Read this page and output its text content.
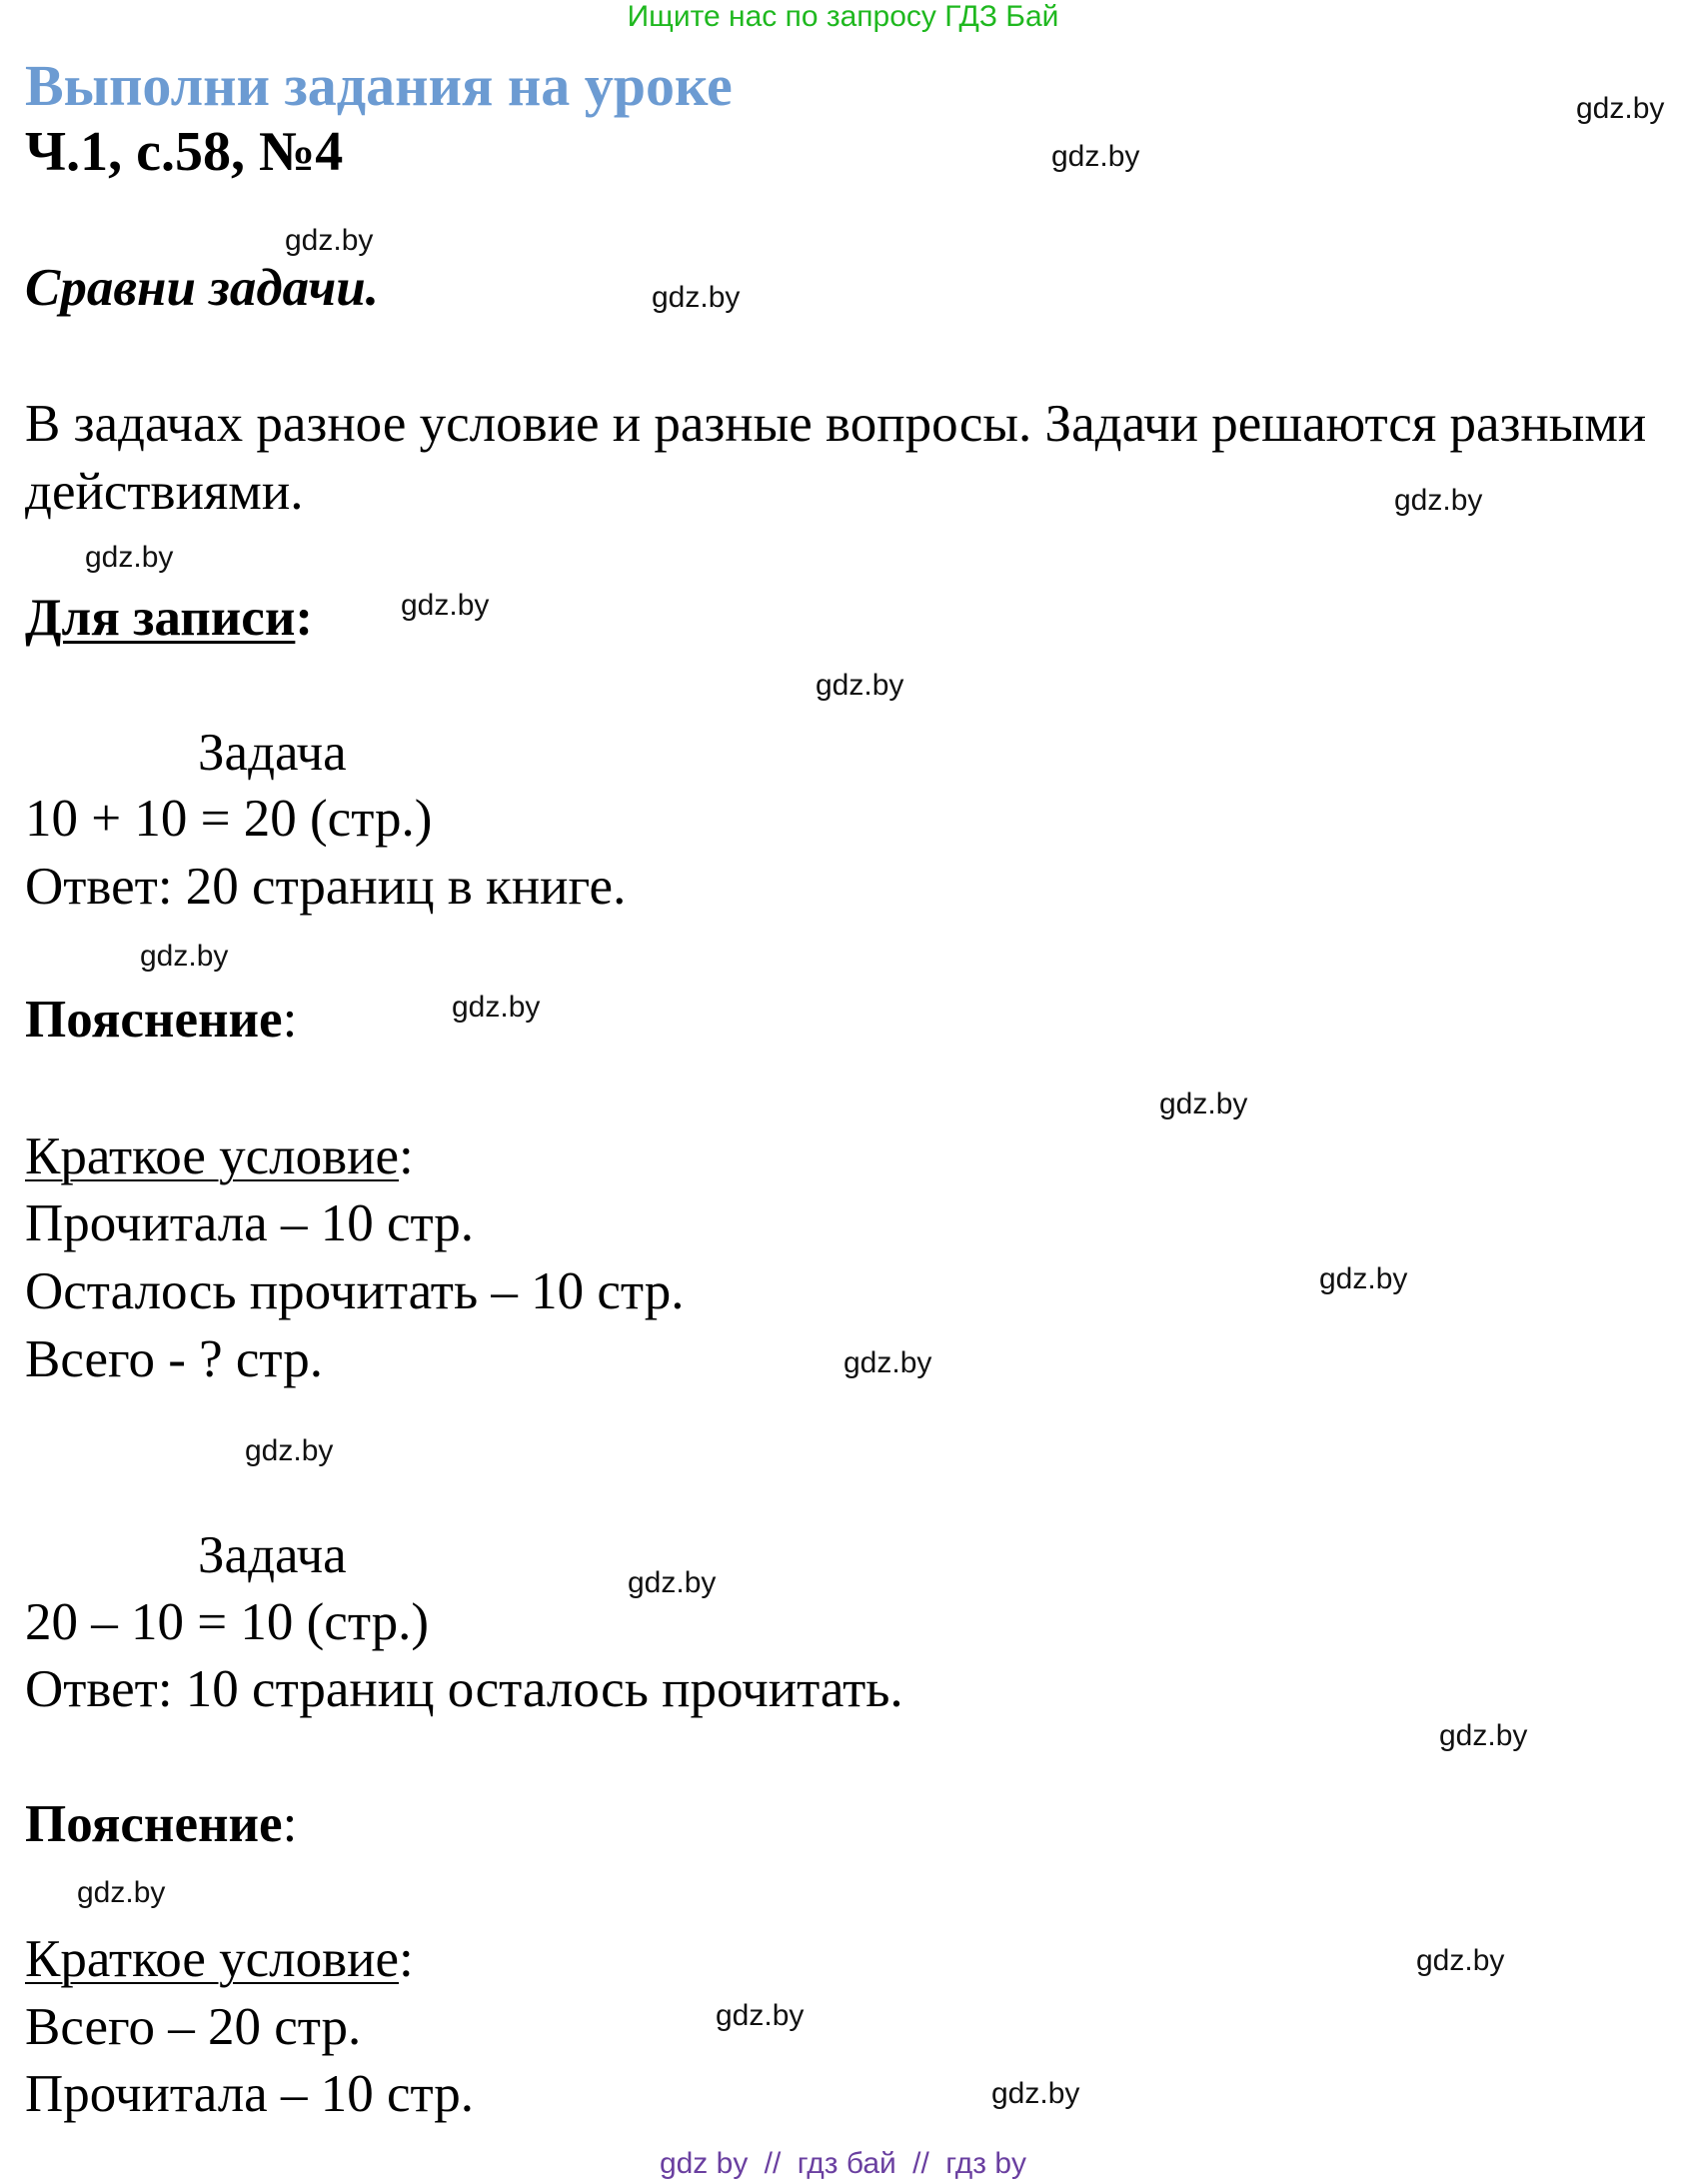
Ищите нас по запросу ГДЗ Бай
Выполни задания на уроке
Ч.1, с.58, №4
Сравни задачи.
В задачах разное условие и разные вопросы. Задачи решаются разными действиями.
Для записи:
Задача
10 + 10 = 20 (стр.)
Ответ: 20 страниц в книге.
Пояснение:
Краткое условие:
Прочитала – 10 стр.
Осталось прочитать – 10 стр.
Всего - ? стр.
Задача
20 – 10 = 10 (стр.)
Ответ: 10 страниц осталось прочитать.
Пояснение:
Краткое условие:
Всего – 20 стр.
Прочитала – 10 стр.
gdz.by
gdz.by
gdz.by
gdz.by
gdz.by
gdz.by
gdz.by
gdz.by
gdz.by
gdz.by
gdz.by
gdz.by
gdz.by
gdz.by
gdz.by
gdz.by
gdz.by
gdz.by
gdz.by
gdz.by
gdz by // гдз бай // гдз by
